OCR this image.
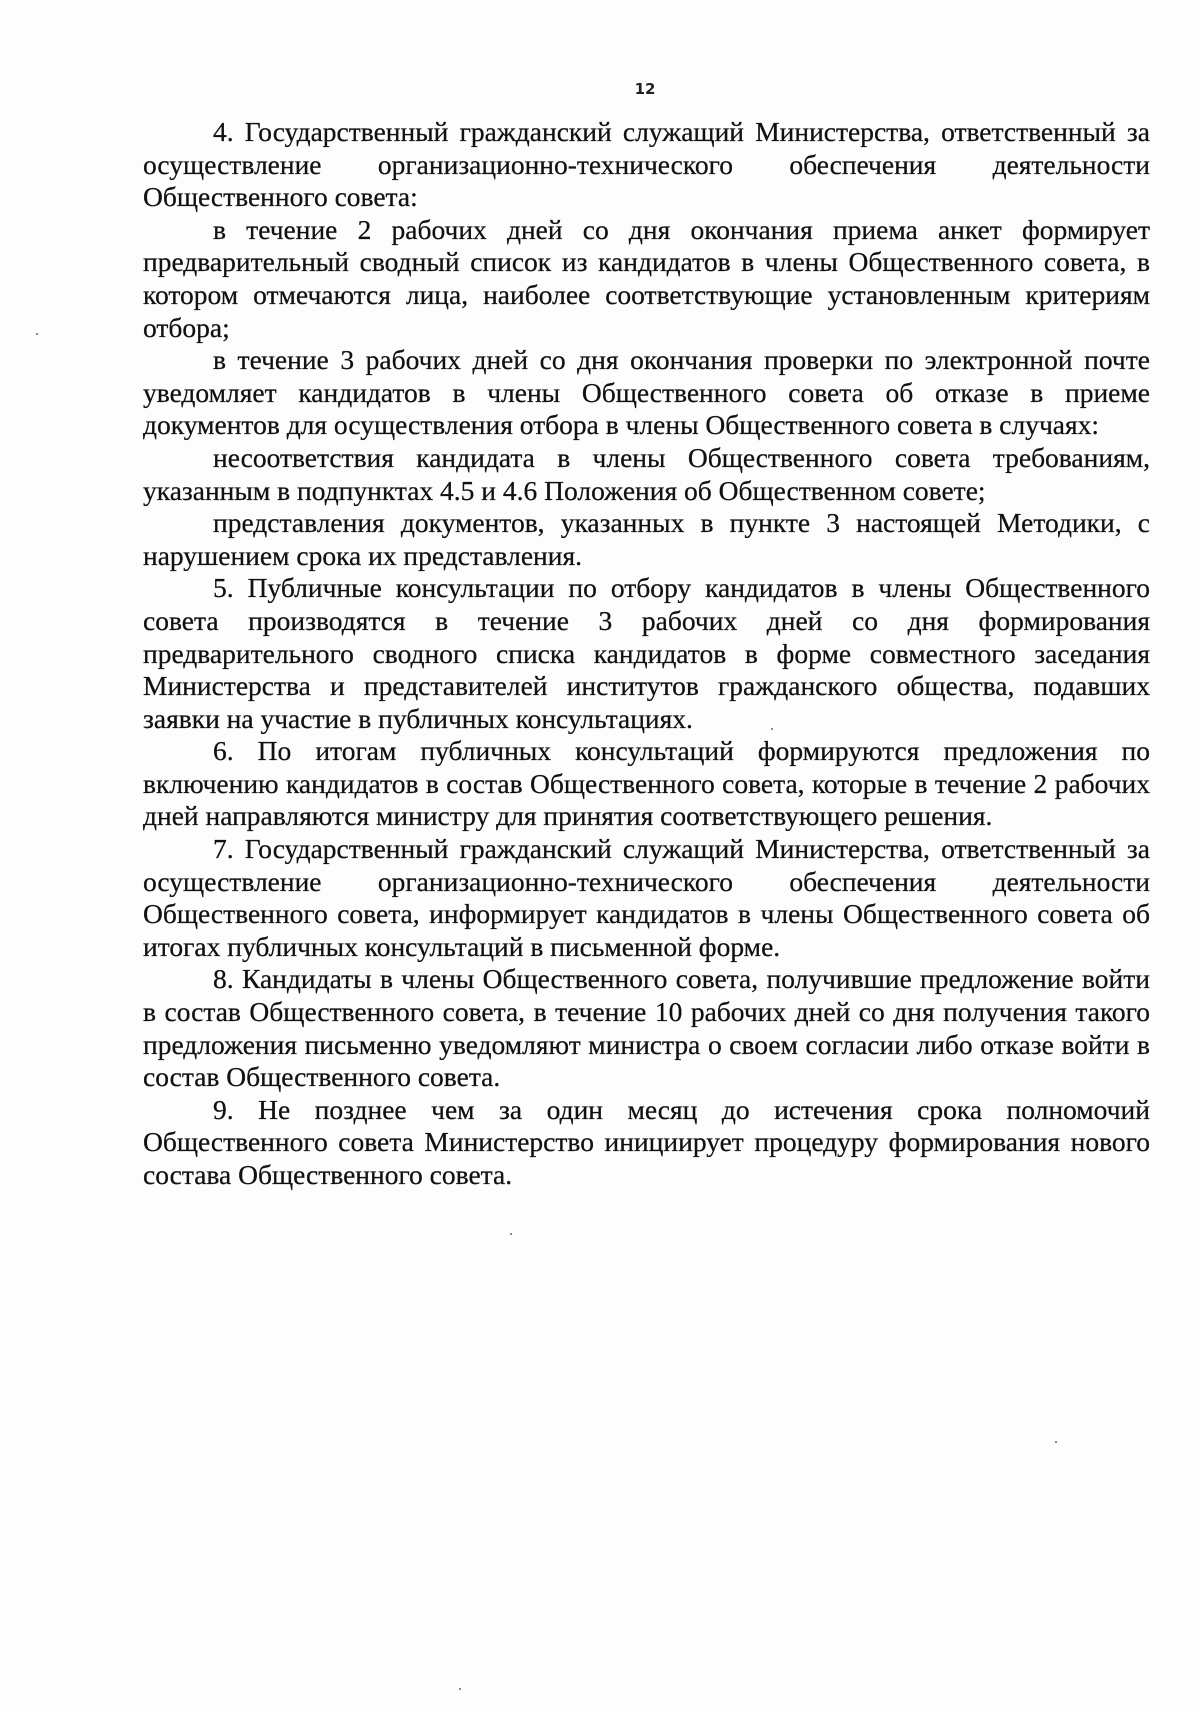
12

4. Государственный гражданский служащий Министерства, ответственный за осуществление организационно-технического обеспечения деятельности Общественного совета:

в течение 2 рабочих дней со дня окончания приема анкет формирует предварительный сводный список из кандидатов в члены Общественного совета, в котором отмечаются лица, наиболее соответствующие установленным критериям отбора;

в течение 3 рабочих дней со дня окончания проверки по электронной почте уведомляет кандидатов в члены Общественного совета об отказе в приеме документов для осуществления отбора в члены Общественного совета в случаях:

несоответствия кандидата в члены Общественного совета требованиям, указанным в подпунктах 4.5 и 4.6 Положения об Общественном совете;

представления документов, указанных в пункте 3 настоящей Методики, с нарушением срока их представления.

5. Публичные консультации по отбору кандидатов в члены Общественного совета производятся в течение 3 рабочих дней со дня формирования предварительного сводного списка кандидатов в форме совместного заседания Министерства и представителей институтов гражданского общества, подавших заявки на участие в публичных консультациях.

6. По итогам публичных консультаций формируются предложения по включению кандидатов в состав Общественного совета, которые в течение 2 рабочих дней направляются министру для принятия соответствующего решения.

7. Государственный гражданский служащий Министерства, ответственный за осуществление организационно-технического обеспечения деятельности Общественного совета, информирует кандидатов в члены Общественного совета об итогах публичных консультаций в письменной форме.

8. Кандидаты в члены Общественного совета, получившие предложение войти в состав Общественного совета, в течение 10 рабочих дней со дня получения такого предложения письменно уведомляют министра о своем согласии либо отказе войти в состав Общественного совета.

9. Не позднее чем за один месяц до истечения срока полномочий Общественного совета Министерство инициирует процедуру формирования нового состава Общественного совета.
